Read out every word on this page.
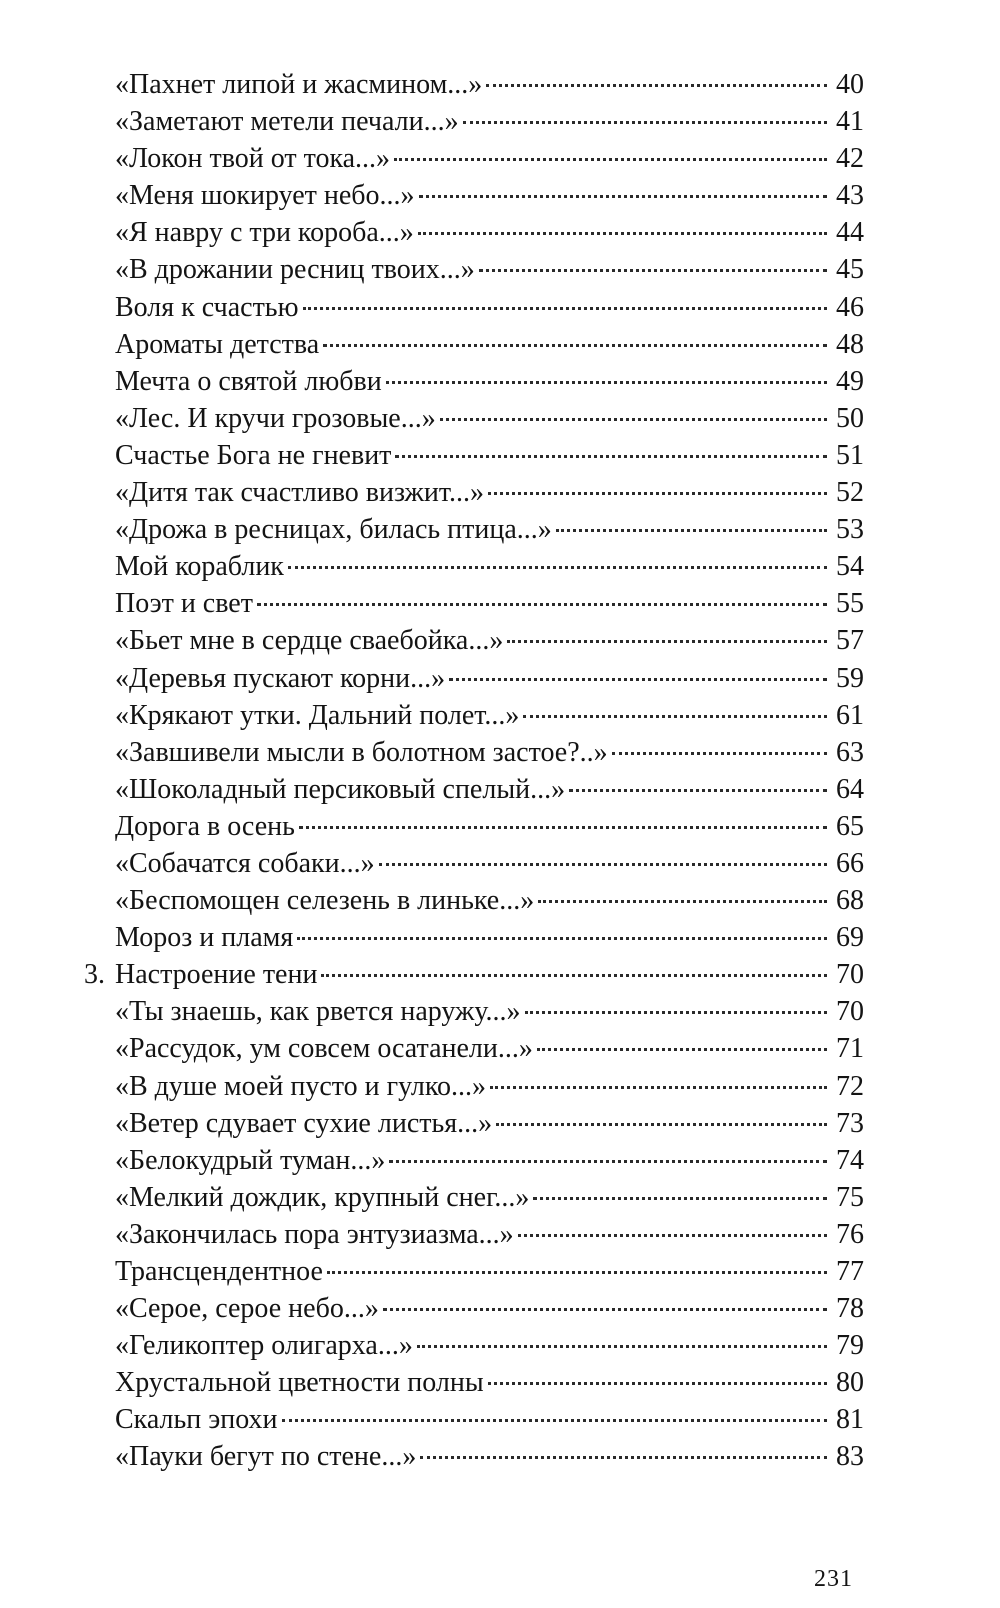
«Пахнет липой и жасмином...»	40
«Заметают метели печали...»	41
«Локон твой от тока...»	42
«Меня шокирует небо...»	43
«Я навру с три короба...»	44
«В дрожании ресниц твоих...»	45
Воля к счастью	46
Ароматы детства	48
Мечта о святой любви	49
«Лес. И кручи грозовые...»	50
Счастье Бога не гневит	51
«Дитя так счастливо визжит...»	52
«Дрожа в ресницах, билась птица...»	53
Мой кораблик	54
Поэт и свет	55
«Бьет мне в сердце сваебойка...»	57
«Деревья пускают корни...»	59
«Крякают утки. Дальний полет...»	61
«Завшивели мысли в болотном застое?..»	63
«Шоколадный персиковый спелый...»	64
Дорога в осень	65
«Собачатся собаки...»	66
«Беспомощен селезень в линьке...»	68
Мороз и пламя	69
3. Настроение тени	70
«Ты знаешь, как рвется наружу...»	70
«Рассудок, ум совсем осатанели...»	71
«В душе моей пусто и гулко...»	72
«Ветер сдувает сухие листья...»	73
«Белокудрый туман...»	74
«Мелкий дождик, крупный снег...»	75
«Закончилась пора энтузиазма...»	76
Трансцендентное	77
«Серое, серое небо...»	78
«Геликоптер олигарха...»	79
Хрустальной цветности полны	80
Скальп эпохи	81
«Пауки бегут по стене...»	83
231
